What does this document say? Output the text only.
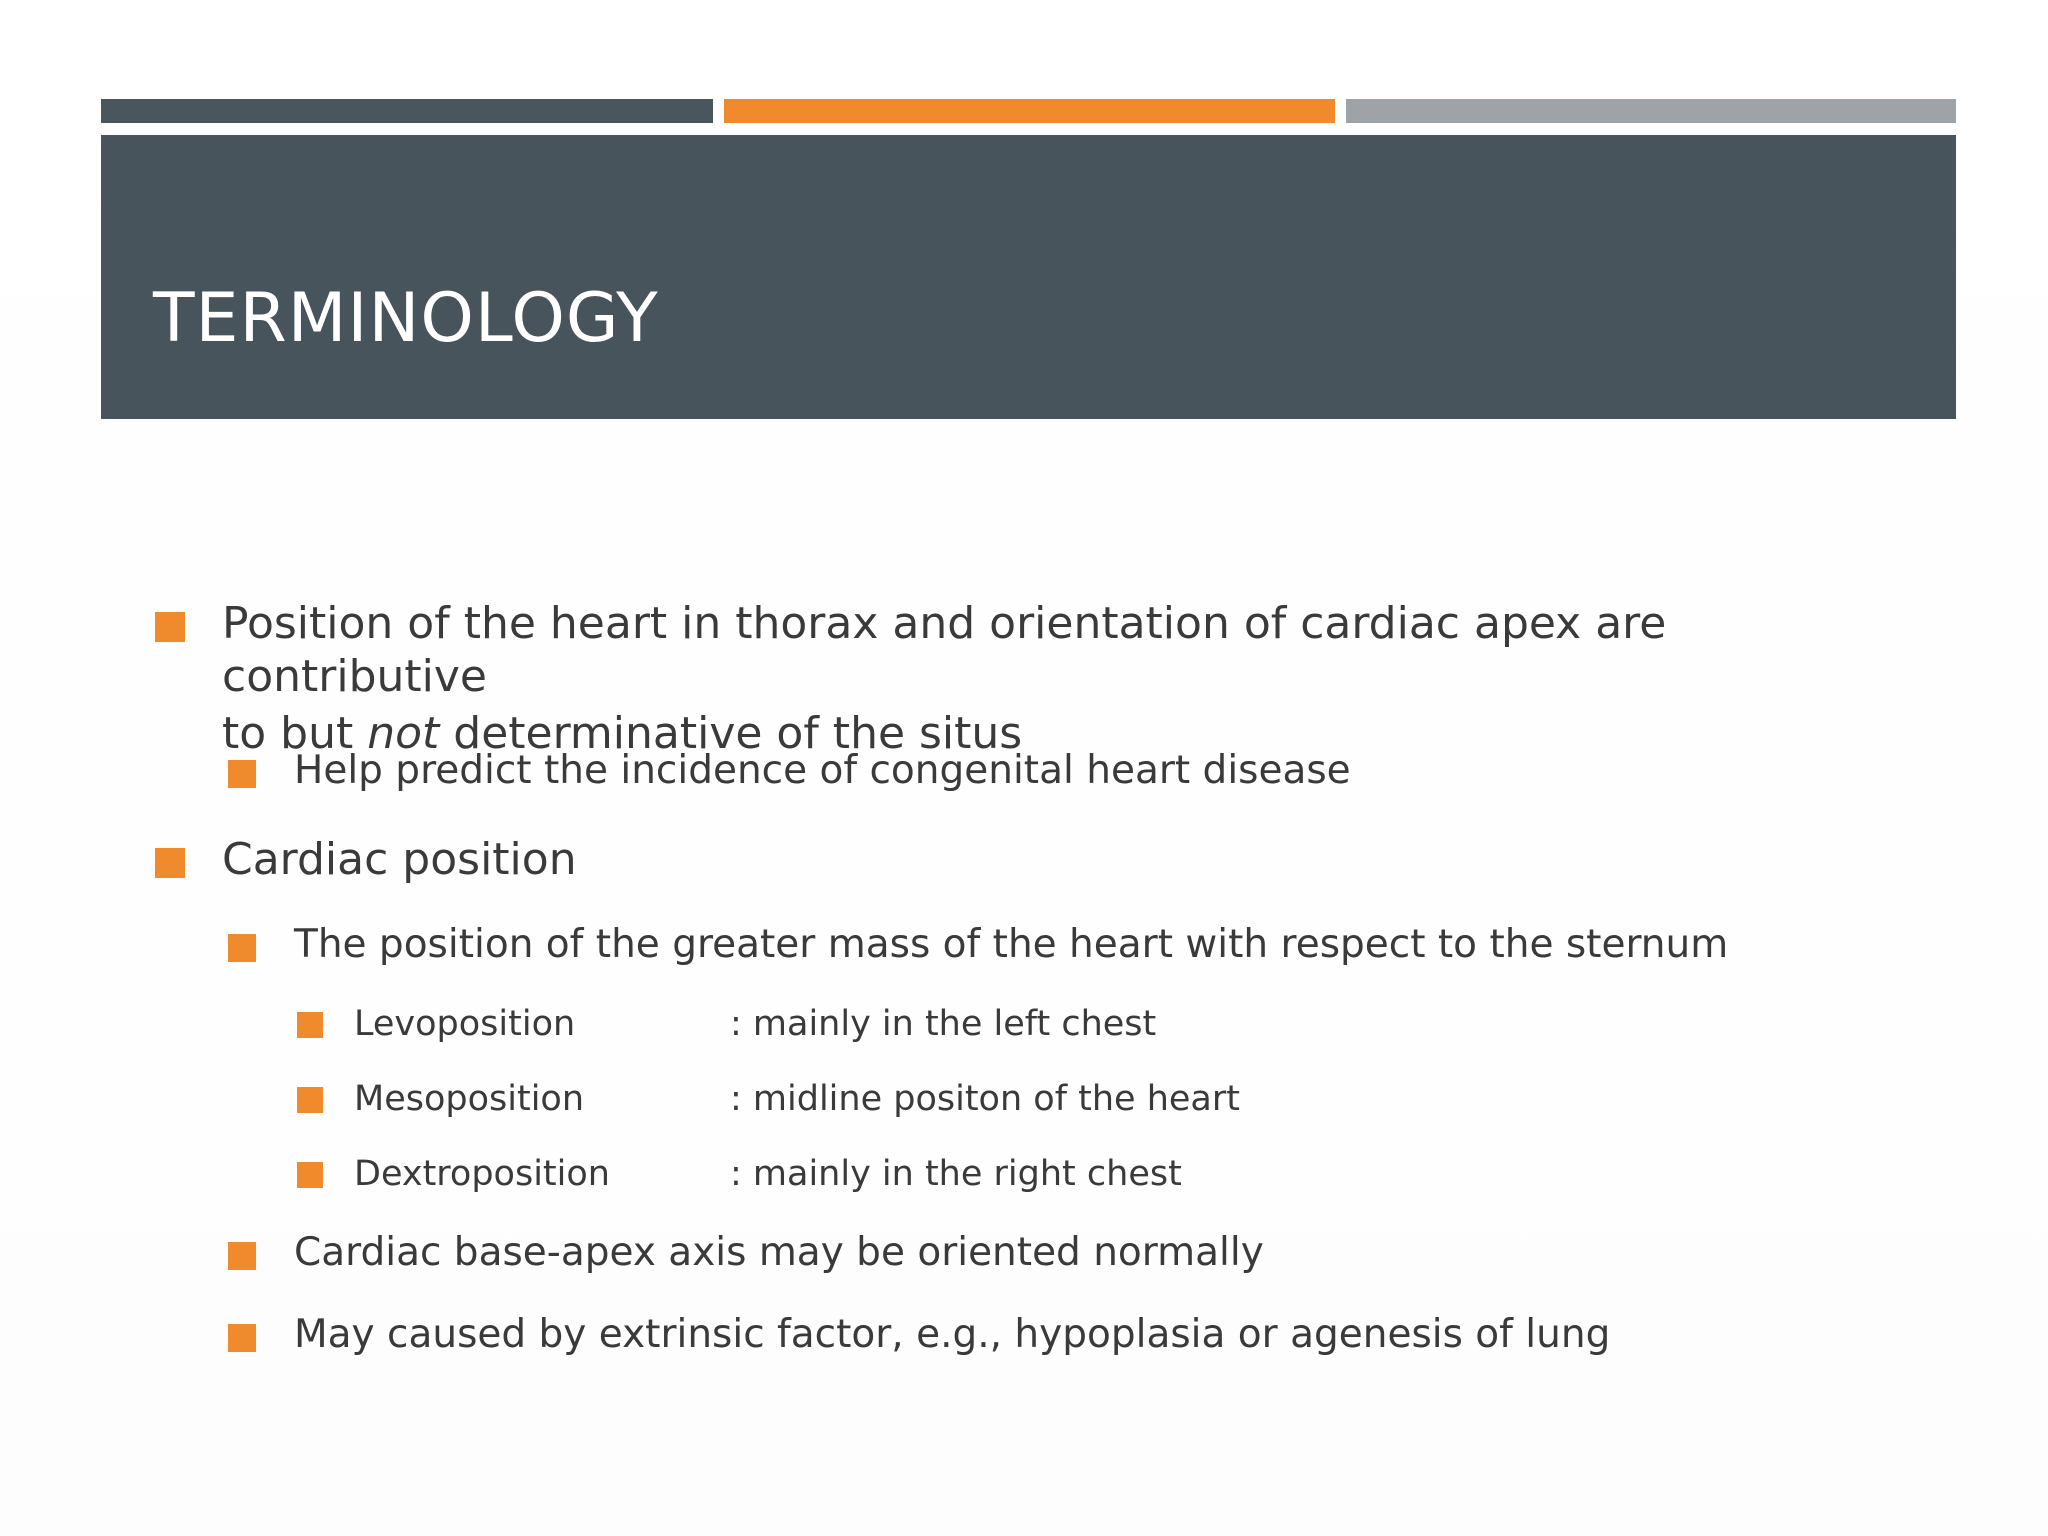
TERMINOLOGY
Position of the heart in thorax and orientation of cardiac apex are contributive
to but not determinative of the situs
Help predict the incidence of congenital heart disease
Cardiac position
The position of the greater mass of the heart with respect to the sternum
Levoposition	: mainly in the left chest
Mesoposition	: midline positon of the heart
Dextroposition	: mainly in the right chest
Cardiac base-apex axis may be oriented normally
May caused by extrinsic factor, e.g., hypoplasia or agenesis of lung
